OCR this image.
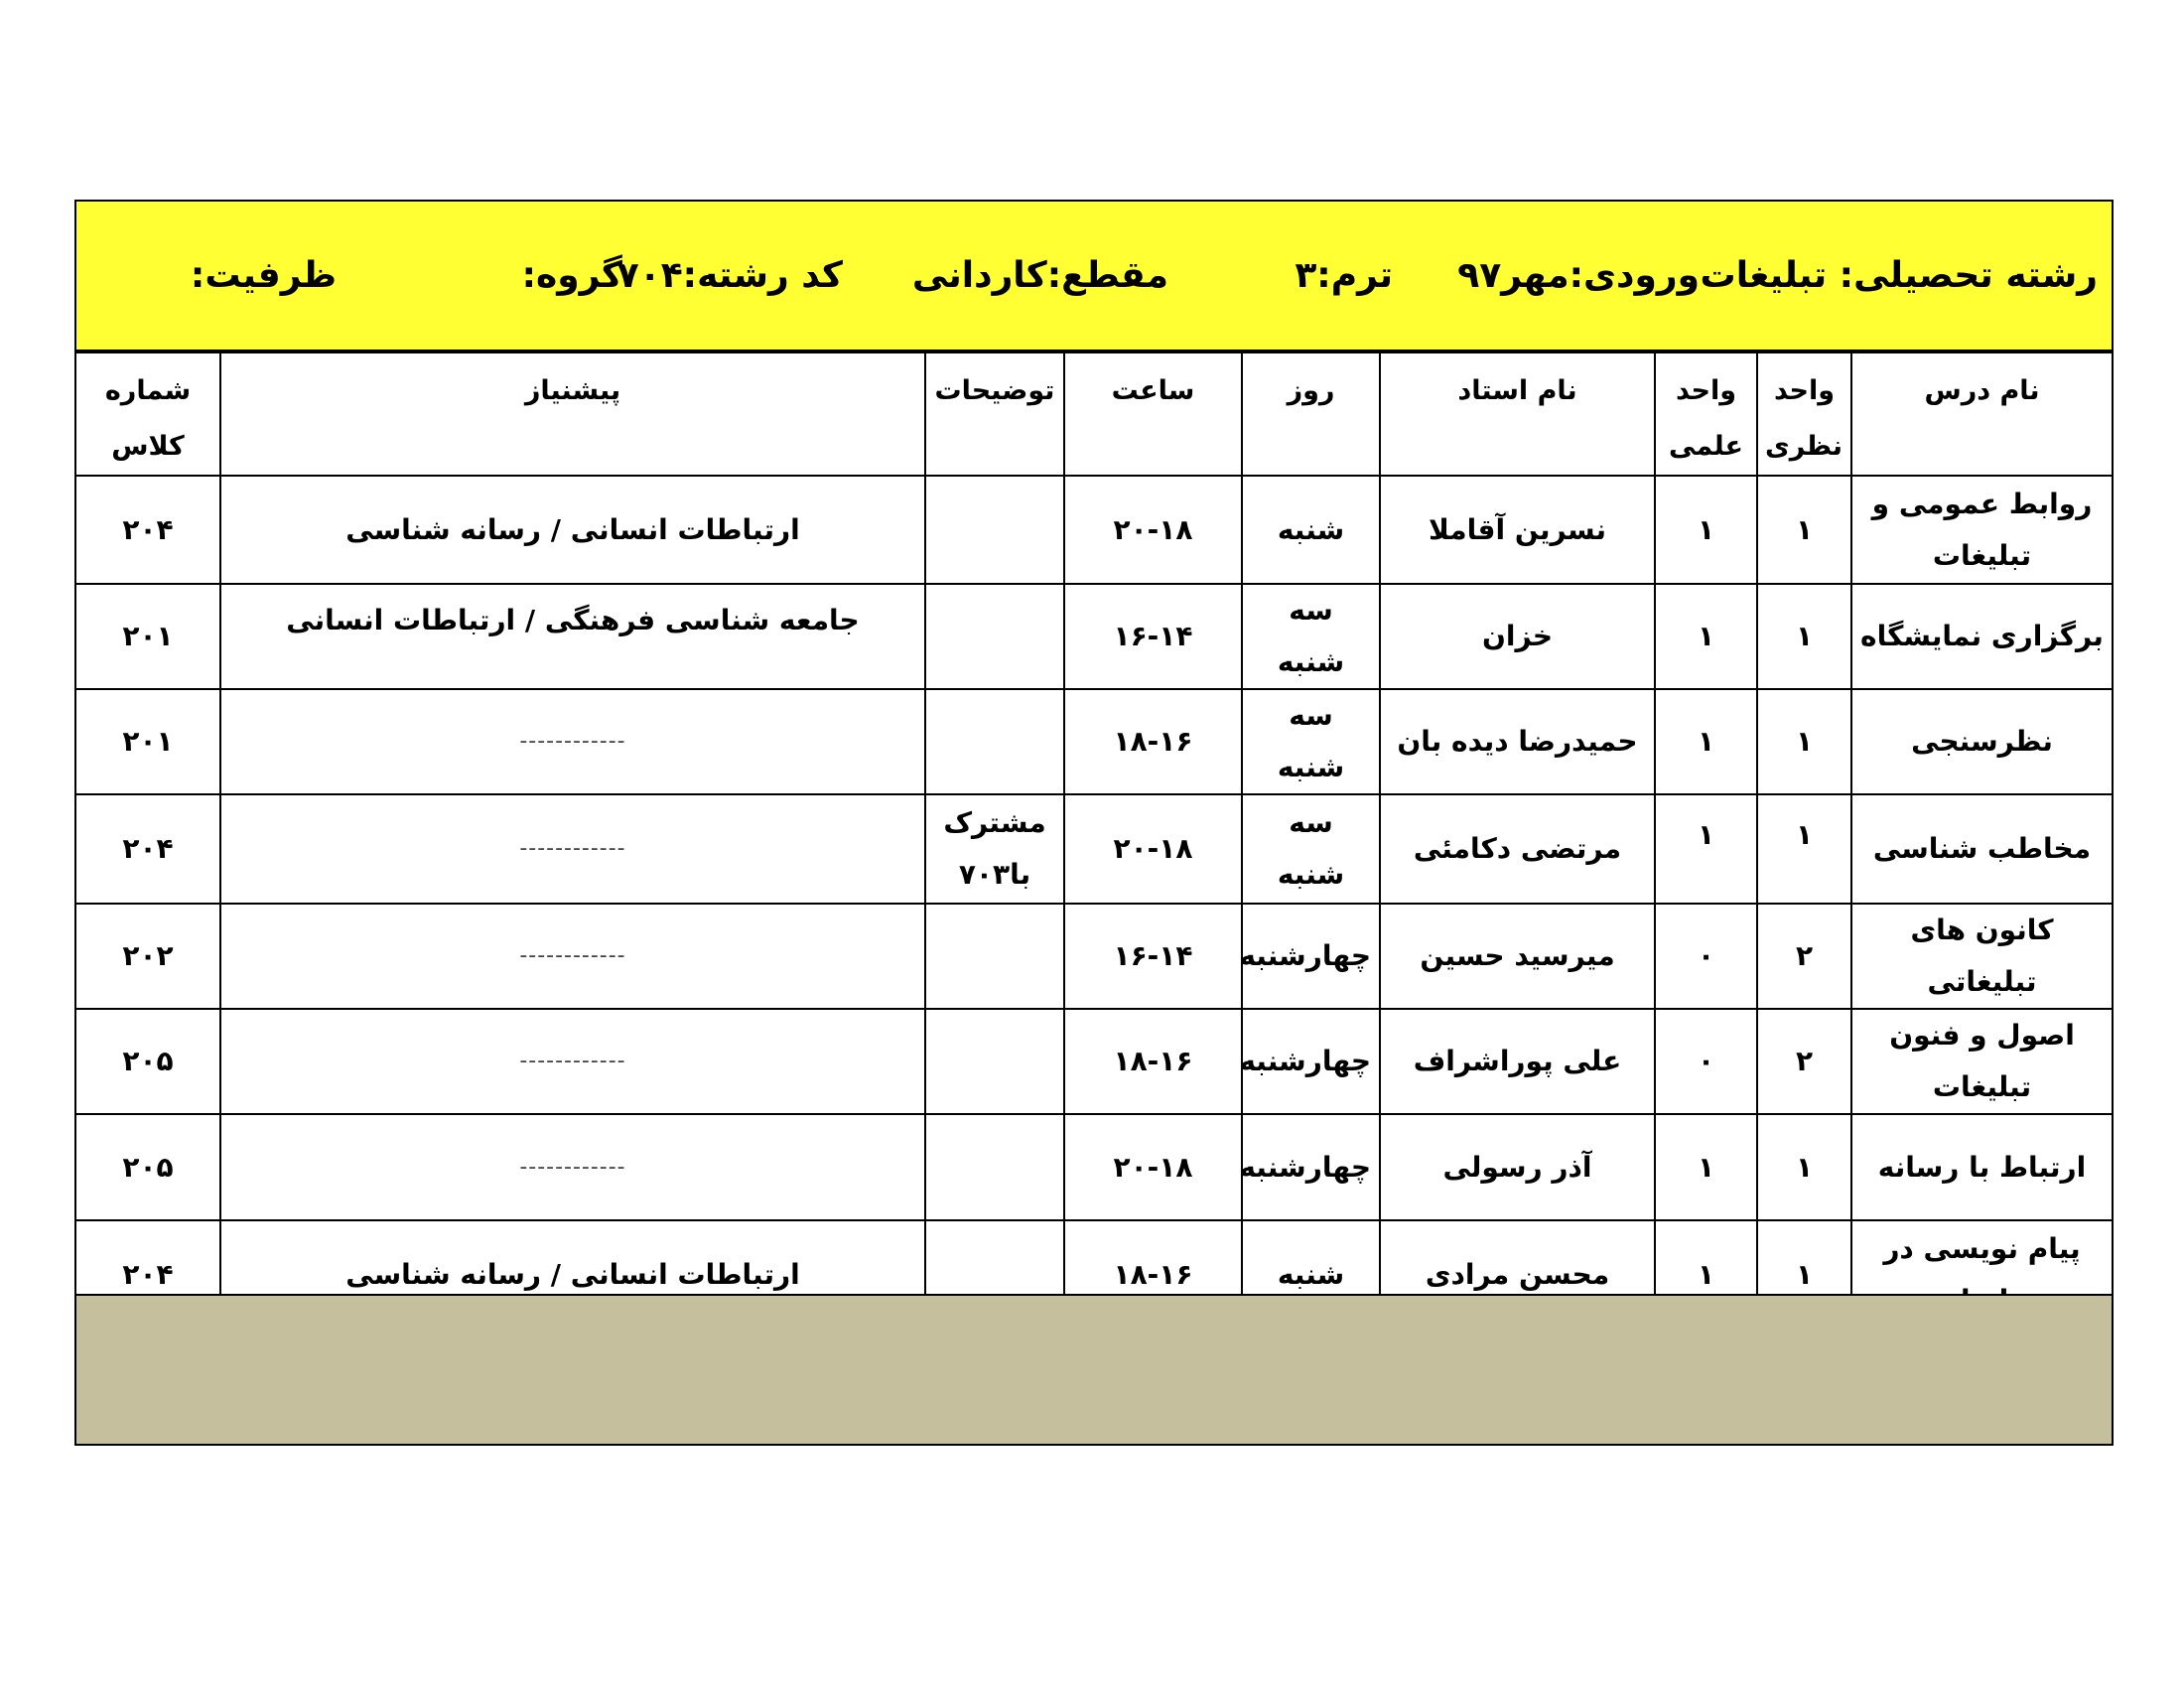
رشته تحصیلی: تبلیغات
ورودی:مهر۹۷
ترم:۳
مقطع:کاردانی
کد رشته:۷۰۴
گروه:
ظرفیت:
نام درس	واحد نظری	واحد علمی	نام استاد	روز	ساعت	توضیحات	پیشنیاز	شماره کلاس
روابط عمومی و تبلیغات	۱	۱	نسرین آقاملا	شنبه	۲۰-۱۸		ارتباطات انسانی / رسانه شناسی	۲۰۴
برگزاری نمایشگاه	۱	۱	خزان	سه شنبه	۱۶-۱۴		جامعه شناسی فرهنگی / ارتباطات انسانی	۲۰۱
نظرسنجی	۱	۱	حمیدرضا دیده بان	سه شنبه	۱۸-۱۶		------------	۲۰۱
مخاطب شناسی	۱	۱	مرتضی دکامئی	سه شنبه	۲۰-۱۸	مشترک با۷۰۳	------------	۲۰۴
کانون های تبلیغاتی	۲	۰	میرسید حسین	چهارشنبه	۱۶-۱۴		------------	۲۰۲
اصول و فنون تبلیغات	۲	۰	علی پوراشراف	چهارشنبه	۱۸-۱۶		------------	۲۰۵
ارتباط با رسانه	۱	۱	آذر رسولی	چهارشنبه	۲۰-۱۸		------------	۲۰۵
پیام نویسی در	۱	۱	محسن مرادی	شنبه	۱۸-۱۶		ارتباطات انسانی / رسانه شناسی	۲۰۴
